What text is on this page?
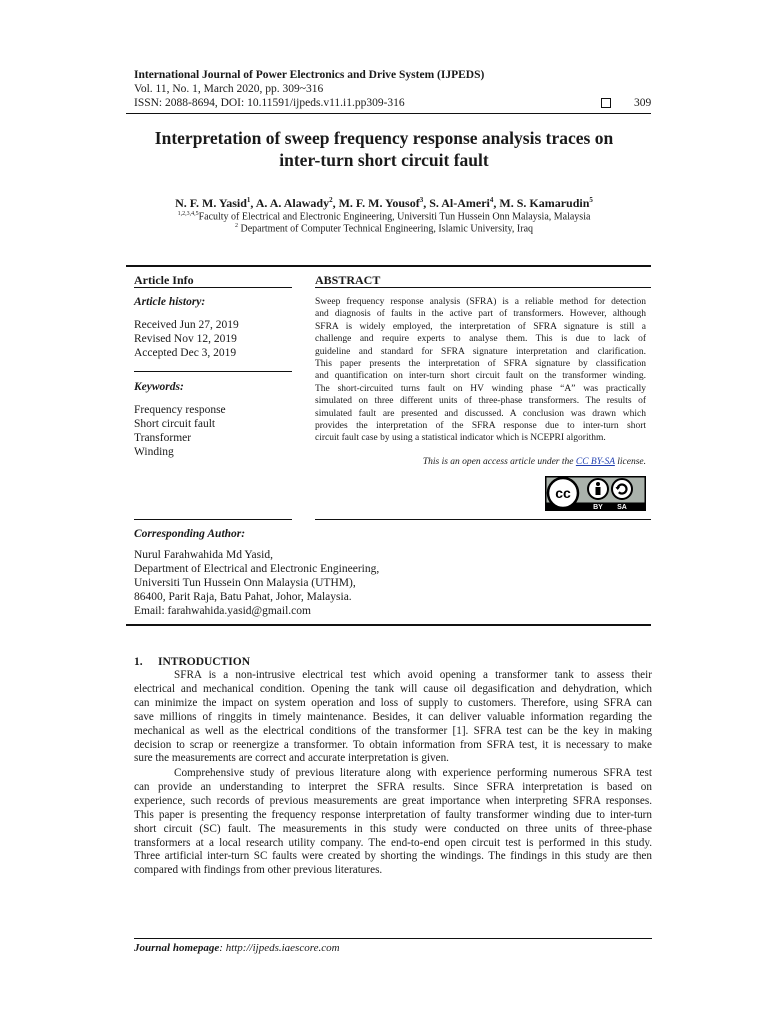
International Journal of Power Electronics and Drive System (IJPEDS)
Vol. 11, No. 1, March 2020, pp. 309~316
ISSN: 2088-8694, DOI: 10.11591/ijpeds.v11.i1.pp309-316	309
Interpretation of sweep frequency response analysis traces on
inter-turn short circuit fault
N. F. M. Yasid$^1$, A. A. Alawady$^2$, M. F. M. Yousof$^3$, S. Al-Ameri$^4$, M. S. Kamarudin$^5$
$^{1,2,3,4,5}$Faculty of Electrical and Electronic Engineering, Universiti Tun Hussein Onn Malaysia, Malaysia
$^2$ Department of Computer Technical Engineering, Islamic University, Iraq
Article Info	ABSTRACT
Article history:
Received Jun 27, 2019
Revised Nov 12, 2019
Accepted Dec 3, 2019
Keywords:
Frequency response
Short circuit fault
Transformer
Winding
Sweep frequency response analysis (SFRA) is a reliable method for detection
and diagnosis of faults in the active part of transformers. However, although
SFRA is widely employed, the interpretation of SFRA signature is still a
challenge and require experts to analyse them. This is due to lack of
guideline and standard for SFRA signature interpretation and clarification.
This paper presents the interpretation of SFRA signature by classification
and quantification on inter-turn short circuit fault on the transformer winding.
The short-circuited turns fault on HV winding phase “A” was practically
simulated on three different units of three-phase transformers. The results of
simulated fault are presented and discussed. A conclusion was drawn which
provides the interpretation of the SFRA response due to inter-turn short
circuit fault case by using a statistical indicator which is NCEPRI algorithm.
This is an open access article under the CC BY-SA license.
cc
BY SA
Corresponding Author:
Nurul Farahwahida Md Yasid,
Department of Electrical and Electronic Engineering,
Universiti Tun Hussein Onn Malaysia (UTHM),
86400, Parit Raja, Batu Pahat, Johor, Malaysia.
Email: farahwahida.yasid@gmail.com
1. INTRODUCTION
SFRA is a non-intrusive electrical test which avoid opening a transformer tank to assess their
electrical and mechanical condition. Opening the tank will cause oil degasification and dehydration, which
can minimize the impact on system operation and loss of supply to customers. Therefore, using SFRA can
save millions of ringgits in timely maintenance. Besides, it can deliver valuable information regarding the
mechanical as well as the electrical conditions of the transformer [1]. SFRA test can be the key in making
decision to scrap or reenergize a transformer. To obtain information from SFRA test, it is necessary to make
sure the measurements are correct and accurate interpretation is given.
Comprehensive study of previous literature along with experience performing numerous SFRA test
can provide an understanding to interpret the SFRA results. Since SFRA interpretation is based on
experience, such records of previous measurements are great importance when interpreting SFRA responses.
This paper is presenting the frequency response interpretation of faulty transformer winding due to inter-turn
short circuit (SC) fault. The measurements in this study were conducted on three units of three-phase
transformers at a local research utility company. The end-to-end open circuit test is performed in this study.
Three artificial inter-turn SC faults were created by shorting the windings. The findings in this study are then
compared with findings from other previous literatures.
Journal homepage: http://ijpeds.iaescore.com
